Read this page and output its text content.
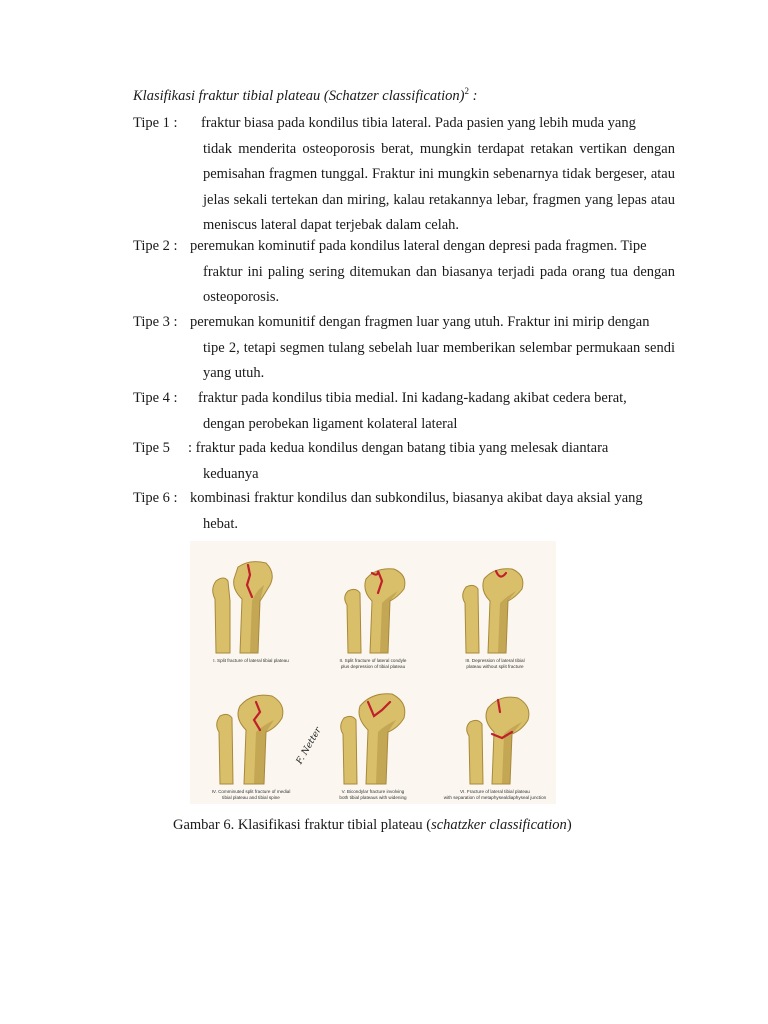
Klasifikasi fraktur tibial plateau (Schatzer classification)$^2$ :
Tipe 1 :	fraktur biasa pada kondilus tibia lateral. Pada pasien yang lebih muda yang
tidak menderita osteoporosis berat, mungkin terdapat retakan vertikan dengan pemisahan fragmen tunggal. Fraktur ini mungkin sebenarnya tidak bergeser, atau jelas sekali tertekan dan miring, kalau retakannya lebar, fragmen yang lepas atau meniscus lateral dapat terjebak dalam celah.
Tipe 2 : peremukan kominutif pada kondilus lateral dengan depresi pada fragmen. Tipe
fraktur ini paling sering ditemukan dan biasanya terjadi pada orang tua dengan osteoporosis.
Tipe 3 : peremukan komunitif dengan fragmen luar yang utuh. Fraktur ini mirip dengan
tipe 2, tetapi segmen tulang sebelah luar memberikan selembar permukaan sendi yang utuh.
Tipe 4 :	fraktur pada kondilus tibia medial. Ini kadang-kadang akibat cedera berat,
dengan perobekan ligament kolateral lateral
Tipe 5	: fraktur pada kedua kondilus dengan batang tibia yang melesak diantara
keduanya
Tipe 6 : kombinasi fraktur kondilus dan subkondilus, biasanya akibat daya aksial yang
hebat.
I. Split fracture of lateral tibial plateau	II. Split fracture of lateral condyle
plus depression of tibial plateau
III. Depression of lateral tibial
plateau without split fracture
IV. Comminuted split fracture of medial
tibial plateau and tibial spine
V. Bicondylar fracture involving
both tibial plateaus with widening
VI. Fracture of lateral tibial plateau
with separation of metaphysealdiaphyseal junction
F. Netter
Gambar 6. Klasifikasi fraktur tibial plateau (schatzker classification)
